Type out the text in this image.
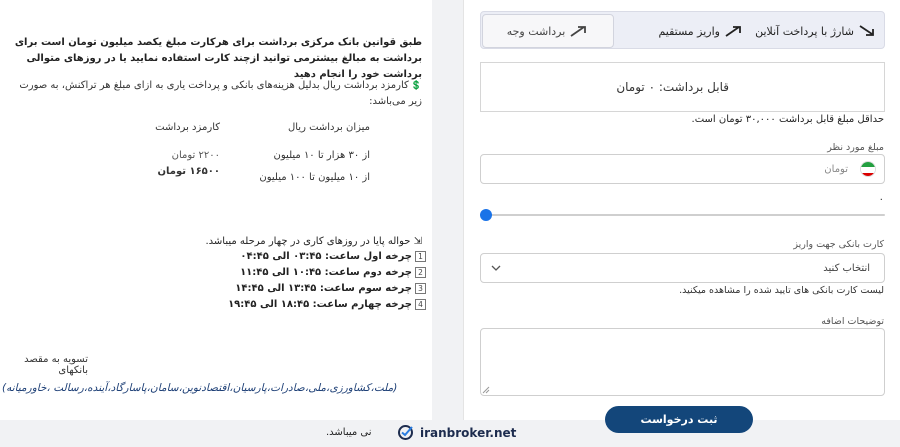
شارژ با پرداخت آنلاین
واریز مستقیم
برداشت وجه
قابل برداشت: ۰ تومان
حداقل مبلغ قابل برداشت ۳۰,۰۰۰ تومان است.
مبلغ مورد نظر
تومان
۰
کارت بانکی جهت واریز
انتخاب کنید
لیست کارت بانکی های تایید شده را مشاهده میکنید.
توضیحات اضافه
طبق قوانین بانک مرکزی برداشت برای هرکارت مبلغ یکصد میلیون تومان است برای برداشت به مبالغ بیشترمی توانید ازچند کارت استفاده نمایید یا در روزهای متوالی برداشت خود را انجام دهید
💲کارمزد برداشت ریال بدلیل هزینه‌های بانکی و پرداخت یاری به ازای مبلغ هر تراکنش، به صورت زیر می‌باشد:
میزان برداشت ریال
کارمزد برداشت
از ۳۰ هزار تا ۱۰ میلیون
۲۲۰۰ تومان
از ۱۰ میلیون تا ۱۰۰ میلیون
۱۶۵۰۰ تومان
⇲ حواله پایا در روزهای کاری در چهار مرحله میباشد.
1
چرخه اول ساعت: ۰۳:۴۵ الی ۰۴:۴۵
2
چرخه دوم ساعت: ۱۰:۴۵ الی ۱۱:۴۵
3
چرخه سوم ساعت: ۱۳:۴۵ الی ۱۴:۴۵
4
چرخه چهارم ساعت: ۱۸:۴۵ الی ۱۹:۴۵
تسویه به مقصد بانکهای
(ملت،کشاورزی،ملی،صادرات،پارسیان،اقتصادنوین،سامان،پاسارگاد،آینده،رسالت ،خاورمیانه)
ثبت درخواست
نی میباشد.	iranbroker.net
